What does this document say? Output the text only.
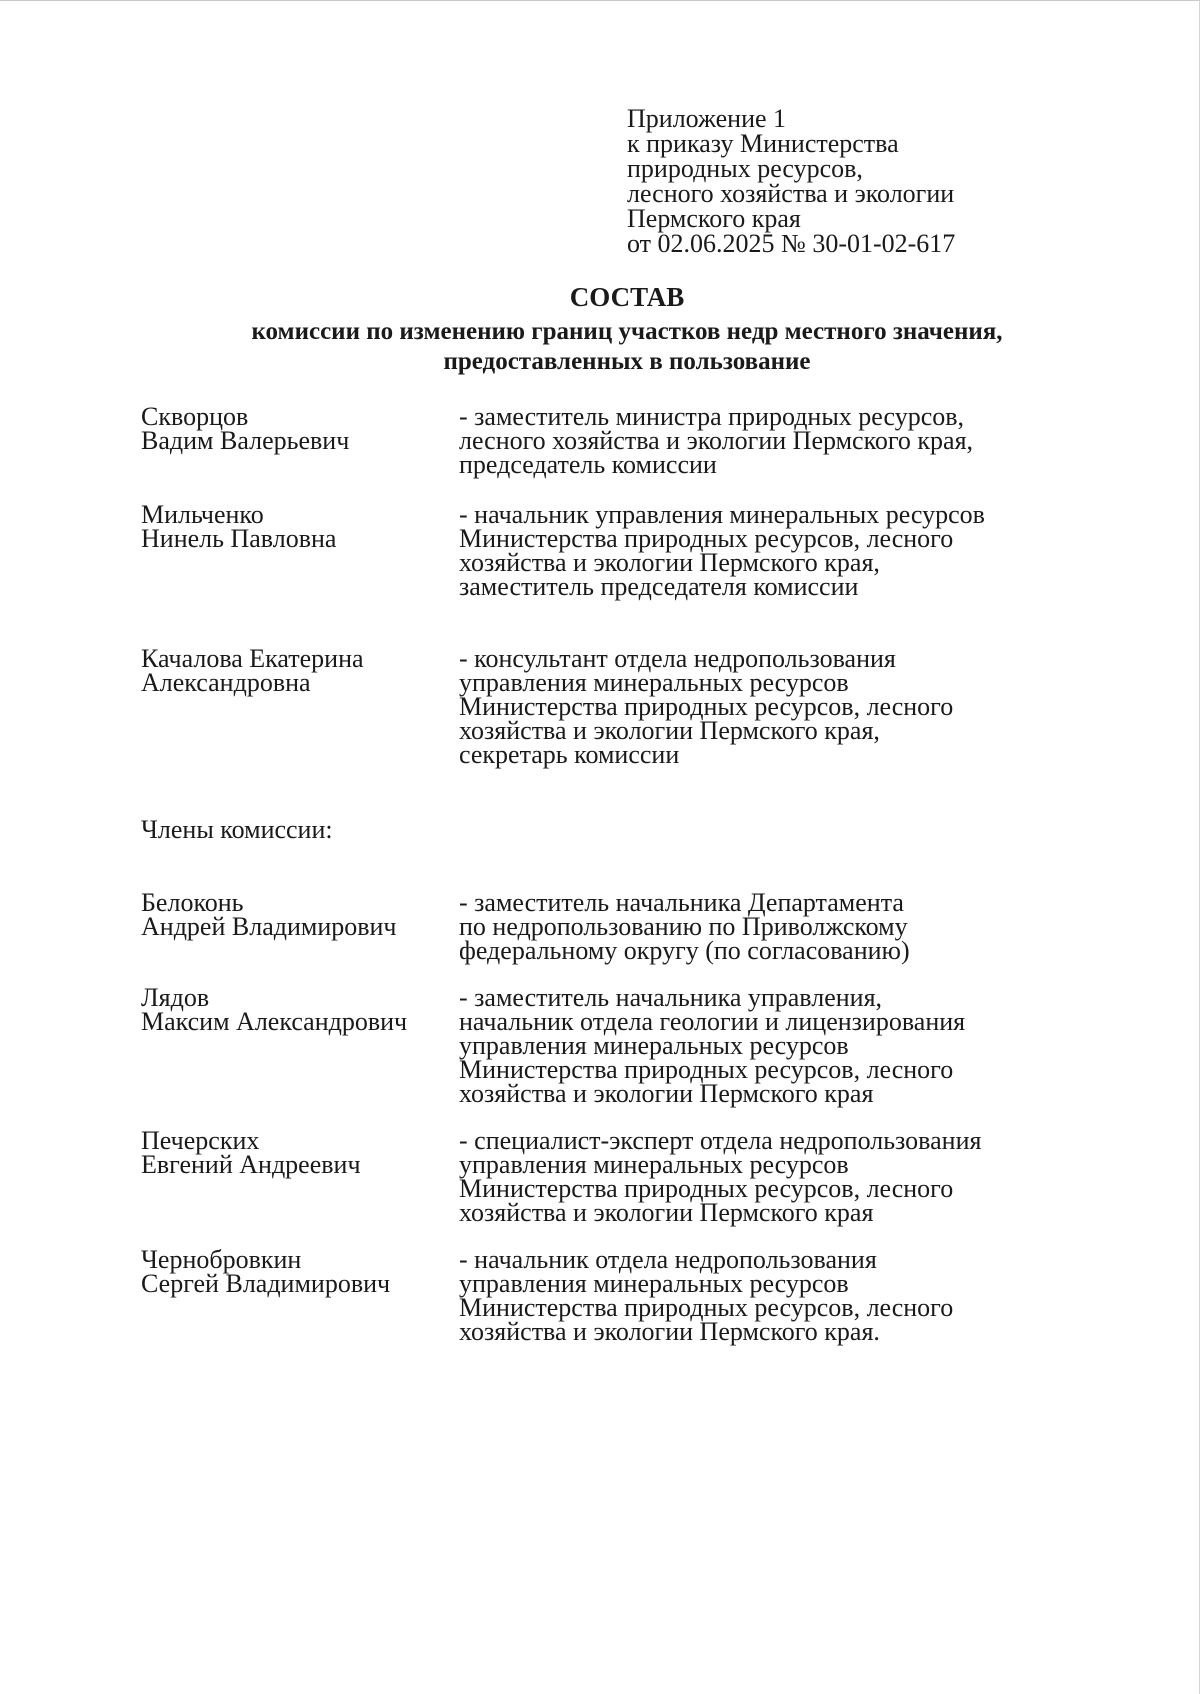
Приложение 1
к приказу Министерства
природных ресурсов,
лесного хозяйства и экологии
Пермского края
от 02.06.2025 № 30-01-02-617
СОСТАВ
комиссии по изменению границ участков недр местного значения,
предоставленных в пользование
Скворцов
Вадим Валерьевич
- заместитель министра природных ресурсов,
лесного хозяйства и экологии Пермского края,
председатель комиссии
Мильченко
Нинель Павловна
- начальник управления минеральных ресурсов
Министерства природных ресурсов, лесного
хозяйства и экологии Пермского края,
заместитель председателя комиссии
Качалова Екатерина
Александровна
- консультант отдела недропользования
управления минеральных ресурсов
Министерства природных ресурсов, лесного
хозяйства и экологии Пермского края,
секретарь комиссии
Члены комиссии:
Белоконь
Андрей Владимирович
- заместитель начальника Департамента
по недропользованию по Приволжскому
федеральному округу (по согласованию)
Лядов
Максим Александрович
- заместитель начальника управления,
начальник отдела геологии и лицензирования
управления минеральных ресурсов
Министерства природных ресурсов, лесного
хозяйства и экологии Пермского края
Печерских
Евгений Андреевич
- специалист-эксперт отдела недропользования
управления минеральных ресурсов
Министерства природных ресурсов, лесного
хозяйства и экологии Пермского края
Чернобровкин
Сергей Владимирович
- начальник отдела недропользования
управления минеральных ресурсов
Министерства природных ресурсов, лесного
хозяйства и экологии Пермского края.
